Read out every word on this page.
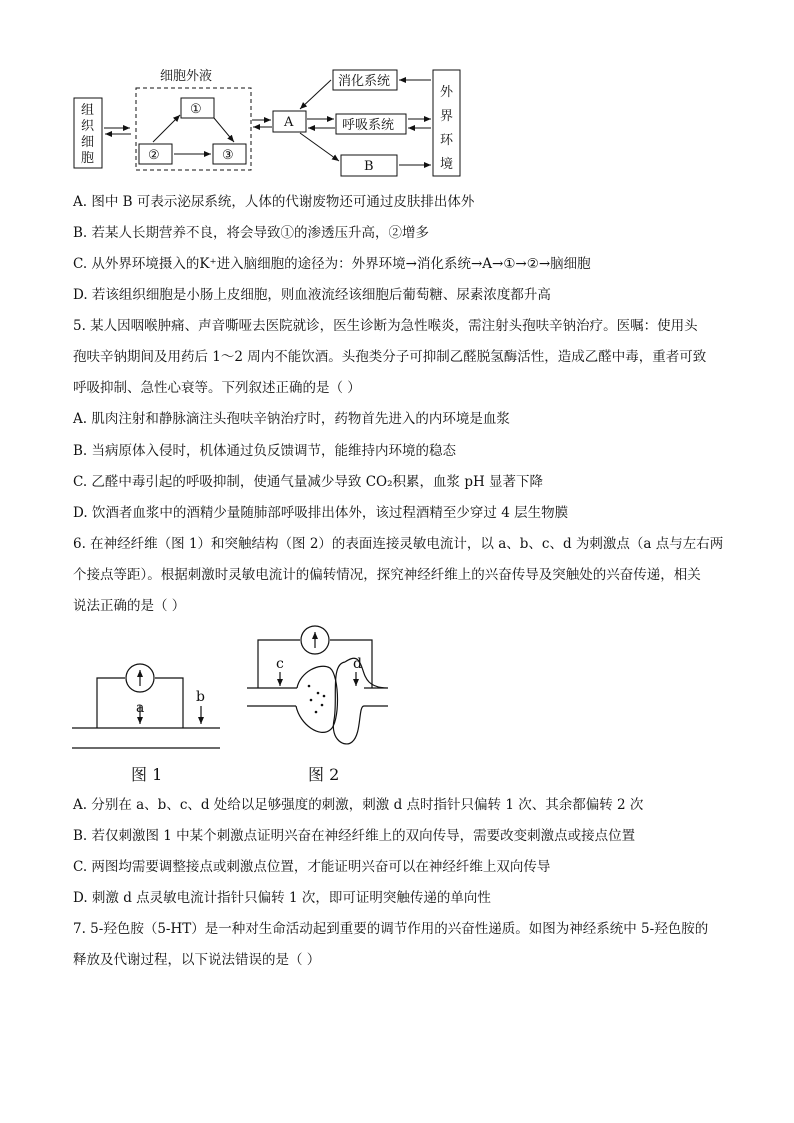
细胞外液
组
织
细
胞
①
②	③
A
消化系统
呼吸系统
B
外
界
环
境
A. 图中 B 可表示泌尿系统，人体的代谢废物还可通过皮肤排出体外
B. 若某人长期营养不良，将会导致①的渗透压升高，②增多
C. 从外界环境摄入的K⁺进入脑细胞的途径为：外界环境→消化系统→A→①→②→脑细胞
D. 若该组织细胞是小肠上皮细胞，则血液流经该细胞后葡萄糖、尿素浓度都升高
5. 某人因咽喉肿痛、声音嘶哑去医院就诊，医生诊断为急性喉炎，需注射头孢呋辛钠治疗。医嘱：使用头
孢呋辛钠期间及用药后 1～2 周内不能饮酒。头孢类分子可抑制乙醛脱氢酶活性，造成乙醛中毒，重者可致
呼吸抑制、急性心衰等。下列叙述正确的是（ ）
A. 肌肉注射和静脉滴注头孢呋辛钠治疗时，药物首先进入的内环境是血浆
B. 当病原体入侵时，机体通过负反馈调节，能维持内环境的稳态
C. 乙醛中毒引起的呼吸抑制，使通气量减少导致 CO₂积累，血浆 pH 显著下降
D. 饮酒者血浆中的酒精少量随肺部呼吸排出体外，该过程酒精至少穿过 4 层生物膜
6. 在神经纤维（图 1）和突触结构（图 2）的表面连接灵敏电流计，以 a、b、c、d 为刺激点（a 点与左右两
个接点等距）。根据刺激时灵敏电流计的偏转情况，探究神经纤维上的兴奋传导及突触处的兴奋传递，相关
说法正确的是（ ）
a
b
c	d
图 1	图 2
A. 分别在 a、b、c、d 处给以足够强度的刺激，刺激 d 点时指针只偏转 1 次、其余都偏转 2 次
B. 若仅刺激图 1 中某个刺激点证明兴奋在神经纤维上的双向传导，需要改变刺激点或接点位置
C. 两图均需要调整接点或刺激点位置，才能证明兴奋可以在神经纤维上双向传导
D. 刺激 d 点灵敏电流计指针只偏转 1 次，即可证明突触传递的单向性
7. 5-羟色胺（5-HT）是一种对生命活动起到重要的调节作用的兴奋性递质。如图为神经系统中 5-羟色胺的
释放及代谢过程，以下说法错误的是（ ）
